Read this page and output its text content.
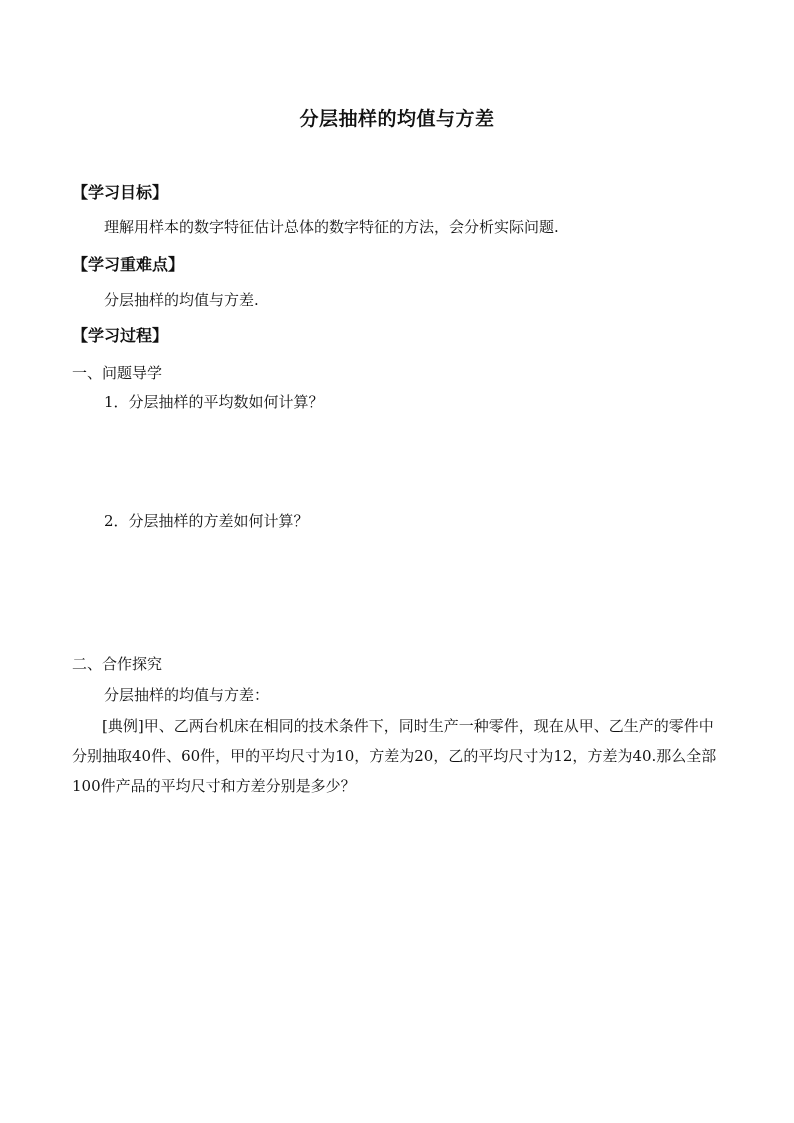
分层抽样的均值与方差
【学习目标】
理解用样本的数字特征估计总体的数字特征的方法，会分析实际问题.
【学习重难点】
分层抽样的均值与方差.
【学习过程】
一、问题导学
1．分层抽样的平均数如何计算？
2．分层抽样的方差如何计算？
二、合作探究
分层抽样的均值与方差：
[典例]甲、乙两台机床在相同的技术条件下，同时生产一种零件，现在从甲、乙生产的零件中分别抽取40件、60件，甲的平均尺寸为10，方差为20，乙的平均尺寸为12，方差为40.那么全部100件产品的平均尺寸和方差分别是多少？
